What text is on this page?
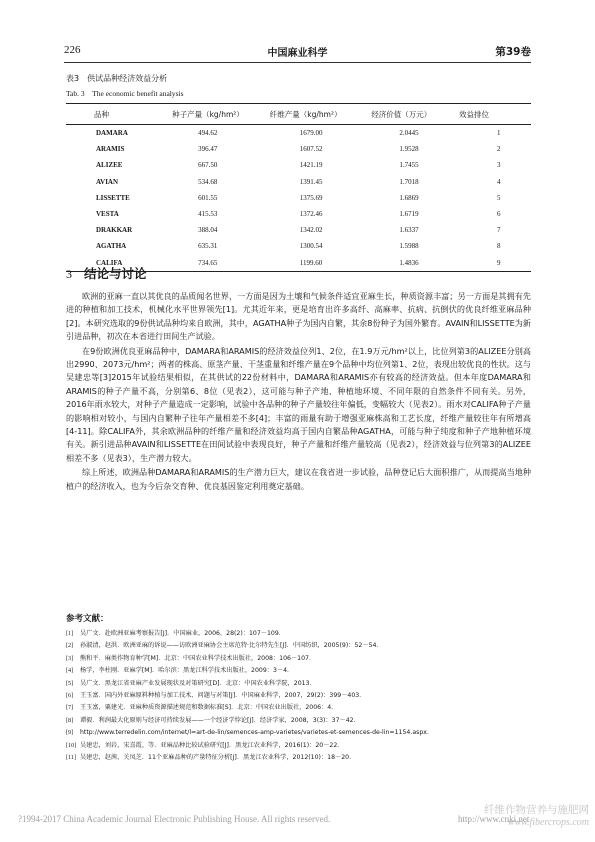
226	中国麻业科学	第39卷
表3　供试品种经济效益分析
Tab. 3　The economic benefit analysis
品种	种子产量（kg/hm²）	纤维产量（kg/hm²）	经济价值（万元）	效益排位
DAMARA	494.62	1679.00	2.0445	1
ARAMIS	396.47	1607.52	1.9528	2
ALIZEE	667.50	1421.19	1.7455	3
AVIAN	534.68	1391.45	1.7018	4
LISSETTE	601.55	1375.69	1.6869	5
VESTA	415.53	1372.46	1.6719	6
DRAKKAR	388.04	1342.02	1.6337	7
AGATHA	635.31	1300.54	1.5988	8
CALIFA	734.65	1199.60	1.4836	9
3 结论与讨论

欧洲的亚麻一直以其优良的品质闻名世界，一方面是因为土壤和气候条件适宜亚麻生长，种质资源丰富；另一方面是其拥有先进的种植和加工技术，机械化水平世界领先[1]。尤其近年来，更是培育出许多高纤、高麻率、抗病、抗倒伏的优良纤维亚麻品种[2]。本研究选取的9份供试品种均来自欧洲，其中，AGATHA种子为国内自繁，其余8份种子为国外繁育。AVAIN和LISSETTE为新引进品种，初次在本省进行田间生产试验。

在9份欧洲优良亚麻品种中，DAMARA和ARAMIS的经济效益位列1、2位，在1.9万元/hm²以上，比位列第3的ALIZEE分别高出2990、2073元/hm²；两者的株高、原茎产量、干茎重量和纤维产量在9个品种中均位列第1、2位，表现出较优良的性状。这与吴建忠等[3]2015年试验结果相似，在其供试的22份材料中，DAMARA和ARAMIS亦有较高的经济效益。但本年度DAMARA和ARAMIS的种子产量不高，分别第6、8位（见表2），这可能与种子产地、种植地环境、不同年限的自然条件不同有关。另外，2016年雨水较大，对种子产量造成一定影响，试验中各品种的种子产量较往年偏低，变幅较大（见表2）。雨水对CALIFA种子产量的影响相对较小，与国内自繁种子往年产量相差不多[4]；丰富的雨量有助于增强亚麻株高和工艺长度，纤维产量较往年有所增高[4-11]。除CALIFA外，其余欧洲品种的纤维产量和经济效益均高于国内自繁品种AGATHA，可能与种子纯度和种子产地种植环境有关。新引进品种AVAIN和LISSETTE在田间试验中表现良好，种子产量和纤维产量较高（见表2），经济效益与位列第3的ALIZEE相差不多（见表3），生产潜力较大。

综上所述，欧洲品种DAMARA和ARAMIS的生产潜力巨大，建议在我省进一步试验，品种登记后大面积推广，从而提高当地种植户的经济收入，也为今后杂交育种、优良基因鉴定利用奠定基础。

参考文献：
[1] 吴广文．赴欧洲亚麻考察报告[J]．中国麻业，2006，28(2)：107－109．
[2] 孙淑清，赵洪．欧洲亚麻的诉说——访欧洲亚麻协会主席范特·比尔特先生[J]．中国纺织，2005(9)：52－54．
[3] 熊和平．麻类作物育种学[M]．北京：中国农业科学技术出版社，2008：106－107．
[4] 杨学，李柱刚．亚麻学[M]．哈尔滨：黑龙江科学技术出版社，2009：3－4．
[5] 吴广文．黑龙江省亚麻产业发展现状及对策研究[D]．北京：中国农业科学院，2013．
[6] 王玉富．国内外亚麻原料种植与加工技术、问题与对策[J]．中国麻业科学，2007，29(2)：399－403．
[7] 王玉富，粟建光．亚麻种质资源描述规范和数据标准[S]．北京：中国农业出版社，2006：4．
[8] 谭毅．利润最大化原则与经济可持续发展——一个经济学悖论[J]．经济学家，2008，3(3)：37－42．
[9] http://www.terredelin.com/internet/l=art-de-lin/semences-amp-varietes/varietes-et-semences-de-lin=1154.aspx.
[10] 吴建忠，刘岩，宋喜霞，等．亚麻品种比较试验研究[J]．黑龙江农业科学，2016(1)：20－22．
[11] 吴建忠，赵茜，关凤芝．11个亚麻品种的产量特征分析[J]．黑龙江农业科学，2012(10)：18－20．
?1994-2017 China Academic Journal Electronic Publishing House. All rights reserved.	http://www.cnki.net
纤维作物营养与施肥网
www.fibercrops.com
